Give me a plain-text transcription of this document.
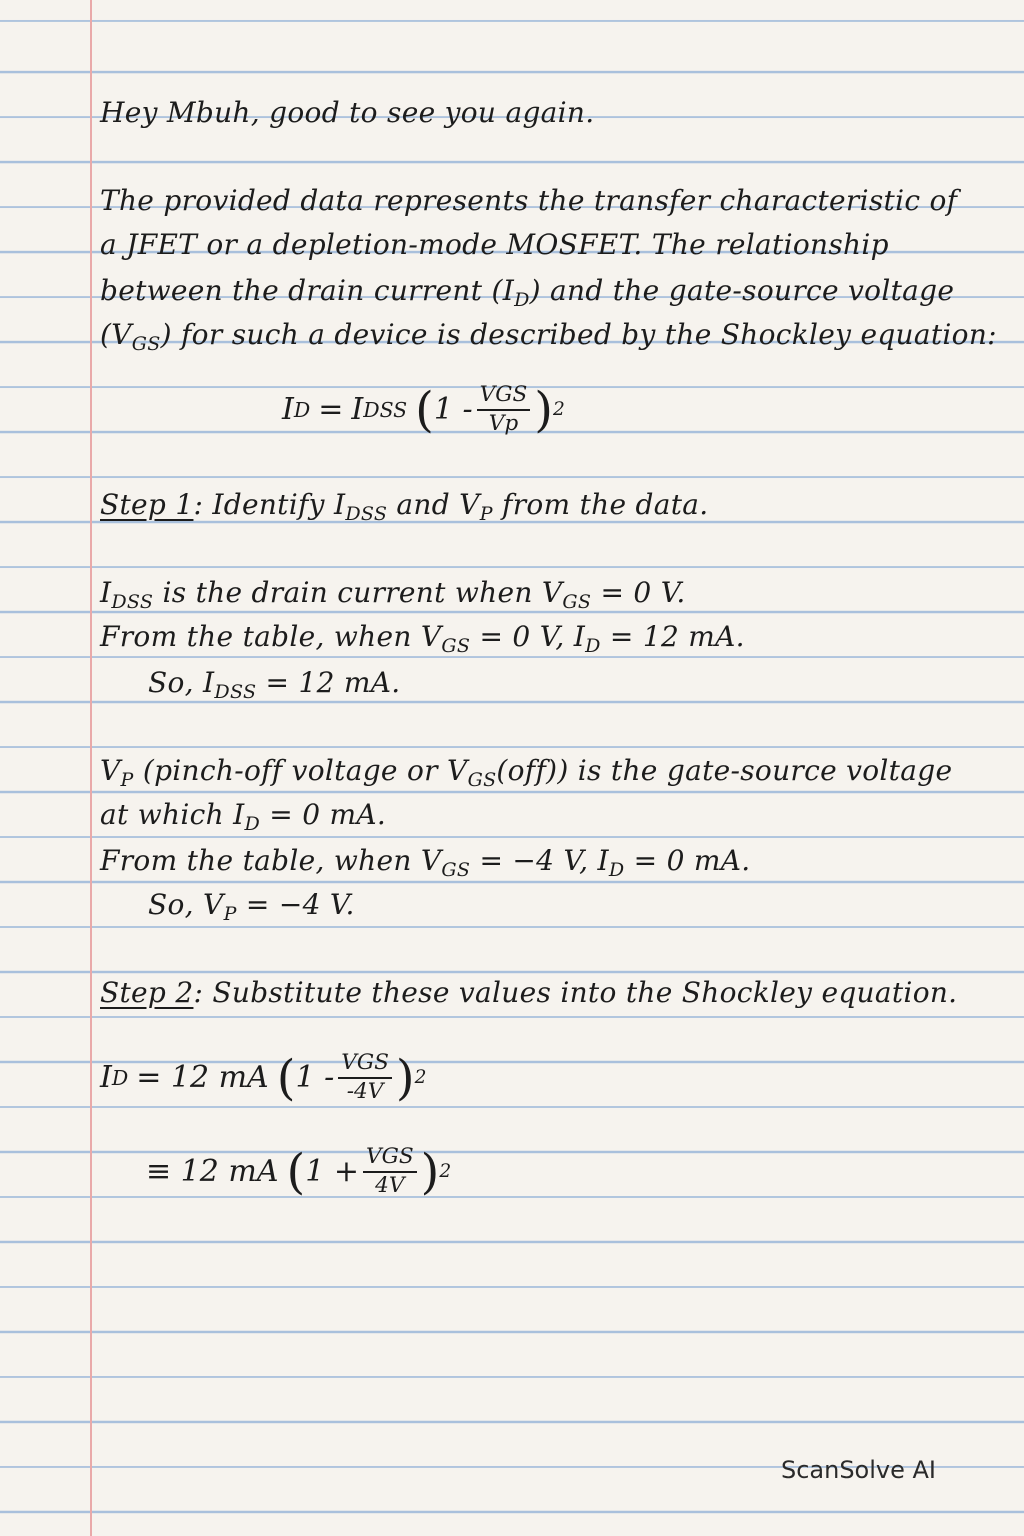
Hey Mbuh, good to see you again.
The provided data represents the transfer characteristic of
a JFET or a depletion-mode MOSFET. The relationship
between the drain current $(I_D)$ and the gate-source voltage
$(V_{GS})$ for such a device is described by the Shockley equation:
I D = I DSS ( $1 - \frac{\text{VGS}}{Vp}$ ) 2
Step 1: Identify $I_{DSS}$ and $V_P$ from the data.
$I_{DSS}$ is the drain current when $V_{GS} = 0$ V.
From the table, when $V_{GS} = 0$ V, $I_D = 12$ mA.
So, $I_{DSS} = 12$ mA.
$V_P$ (pinch-off voltage or $V_{GS}(off)$) is the gate-source voltage
at which $I_D = 0$ mA.
From the table, when $V_{GS} = -4$ V, $I_D = 0$ mA.
So, $V_P = -4$ V.
Step 2: Substitute these values into the Shockley equation.
I D = 12 mA ( $1 - \frac{\text{VGS}}{-4V}$ ) 2
≡ 12 mA ( $1 + \frac{\text{VGS}}{4V}$ ) 2
ScanSolve AI
